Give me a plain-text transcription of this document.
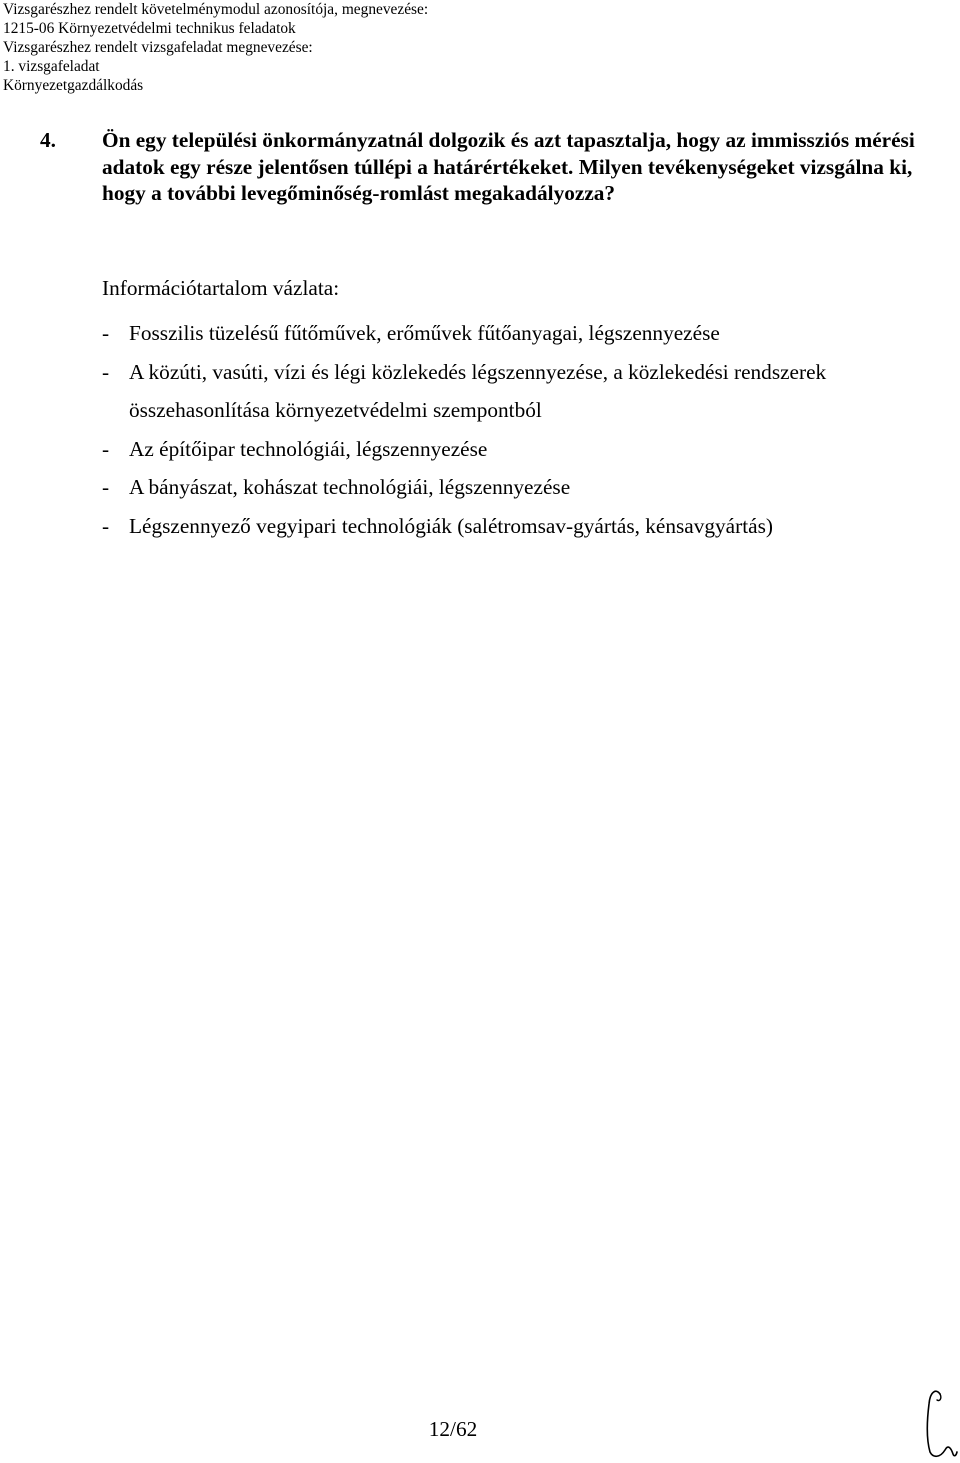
Vizsgarészhez rendelt követelménymodul azonosítója, megnevezése:
1215-06 Környezetvédelmi technikus feladatok
Vizsgarészhez rendelt vizsgafeladat megnevezése:
1. vizsgafeladat
Környezetgazdálkodás
4. Ön egy települési önkormányzatnál dolgozik és azt tapasztalja, hogy az immissziós mérési adatok egy része jelentősen túllépi a határértékeket. Milyen tevékenységeket vizsgálna ki, hogy a további levegőminőség-romlást megakadályozza?
Információtartalom vázlata:
- Fosszilis tüzelésű fűtőművek, erőművek fűtőanyagai, légszennyezése
- A közúti, vasúti, vízi és légi közlekedés légszennyezése, a közlekedési rendszerek összehasonlítása környezetvédelmi szempontból
- Az építőipar technológiái, légszennyezése
- A bányászat, kohászat technológiái, légszennyezése
- Légszennyező vegyipari technológiák (salétromsav-gyártás, kénsavgyártás)
12/62
